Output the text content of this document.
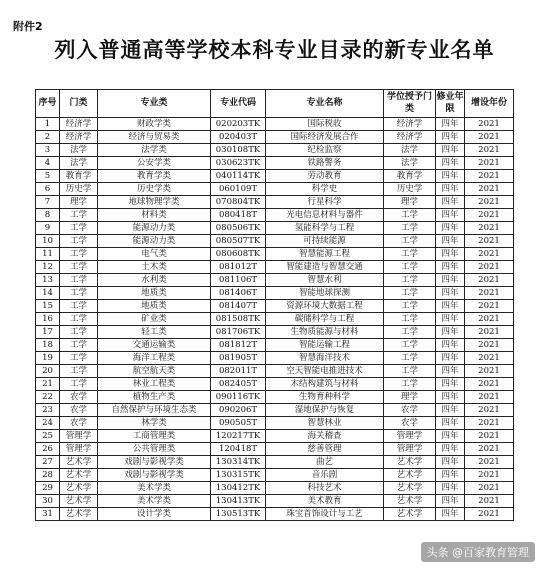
附件2
列入普通高等学校本科专业目录的新专业名单
序号	门类	专业类	专业代码	专业名称	学位授予门类	修业年限	增设年份
1	经济学	财政学类	020203TK	国际税收	经济学	四年	2021
2	经济学	经济与贸易类	020403T	国际经济发展合作	经济学	四年	2021
3	法学	法学类	030108TK	纪检监察	法学	四年	2021
4	法学	公安学类	030623TK	铁路警务	法学	四年	2021
5	教育学	教育学类	040114TK	劳动教育	教育学	四年	2021
6	历史学	历史学类	060109T	科学史	历史学	四年	2021
7	理学	地球物理学类	070804TK	行星科学	理学	四年	2021
8	工学	材料类	080418T	光电信息材料与器件	工学	四年	2021
9	工学	能源动力类	080506TK	氢能科学与工程	工学	四年	2021
10	工学	能源动力类	080507TK	可持续能源	工学	四年	2021
11	工学	电气类	080608TK	智慧能源工程	工学	四年	2021
12	工学	土木类	081012T	智能建造与智慧交通	工学	四年	2021
13	工学	水利类	081106T	智慧水利	工学	四年	2021
14	工学	地质类	081406T	智能地球探测	工学	四年	2021
15	工学	地质类	081407T	资源环境大数据工程	工学	四年	2021
16	工学	矿业类	081508TK	碳储科学与工程	工学	四年	2021
17	工学	轻工类	081706TK	生物质能源与材料	工学	四年	2021
18	工学	交通运输类	081812T	智能运输工程	工学	四年	2021
19	工学	海洋工程类	081905T	智慧海洋技术	工学	四年	2021
20	工学	航空航天类	082011T	空天智能电推进技术	工学	四年	2021
21	工学	林业工程类	082405T	木结构建筑与材料	工学	四年	2021
22	农学	植物生产类	090116TK	生物育种科学	理学	四年	2021
23	农学	自然保护与环境生态类	090206T	湿地保护与恢复	农学	四年	2021
24	农学	林学类	090505T	智慧林业	农学	四年	2021
25	管理学	工商管理类	120217TK	海关稽查	管理学	四年	2021
26	管理学	公共管理类	120418T	慈善管理	管理学	四年	2021
27	艺术学	戏剧与影视学类	130314TK	曲艺	艺术学	四年	2021
28	艺术学	戏剧与影视学类	130315TK	音乐剧	艺术学	四年	2021
29	艺术学	美术学类	130412TK	科技艺术	艺术学	四年	2021
30	艺术学	美术学类	130413TK	美术教育	艺术学	四年	2021
31	艺术学	设计学类	130513TK	珠宝首饰设计与工艺	艺术学	四年	2021
头条 @百家教育管理
